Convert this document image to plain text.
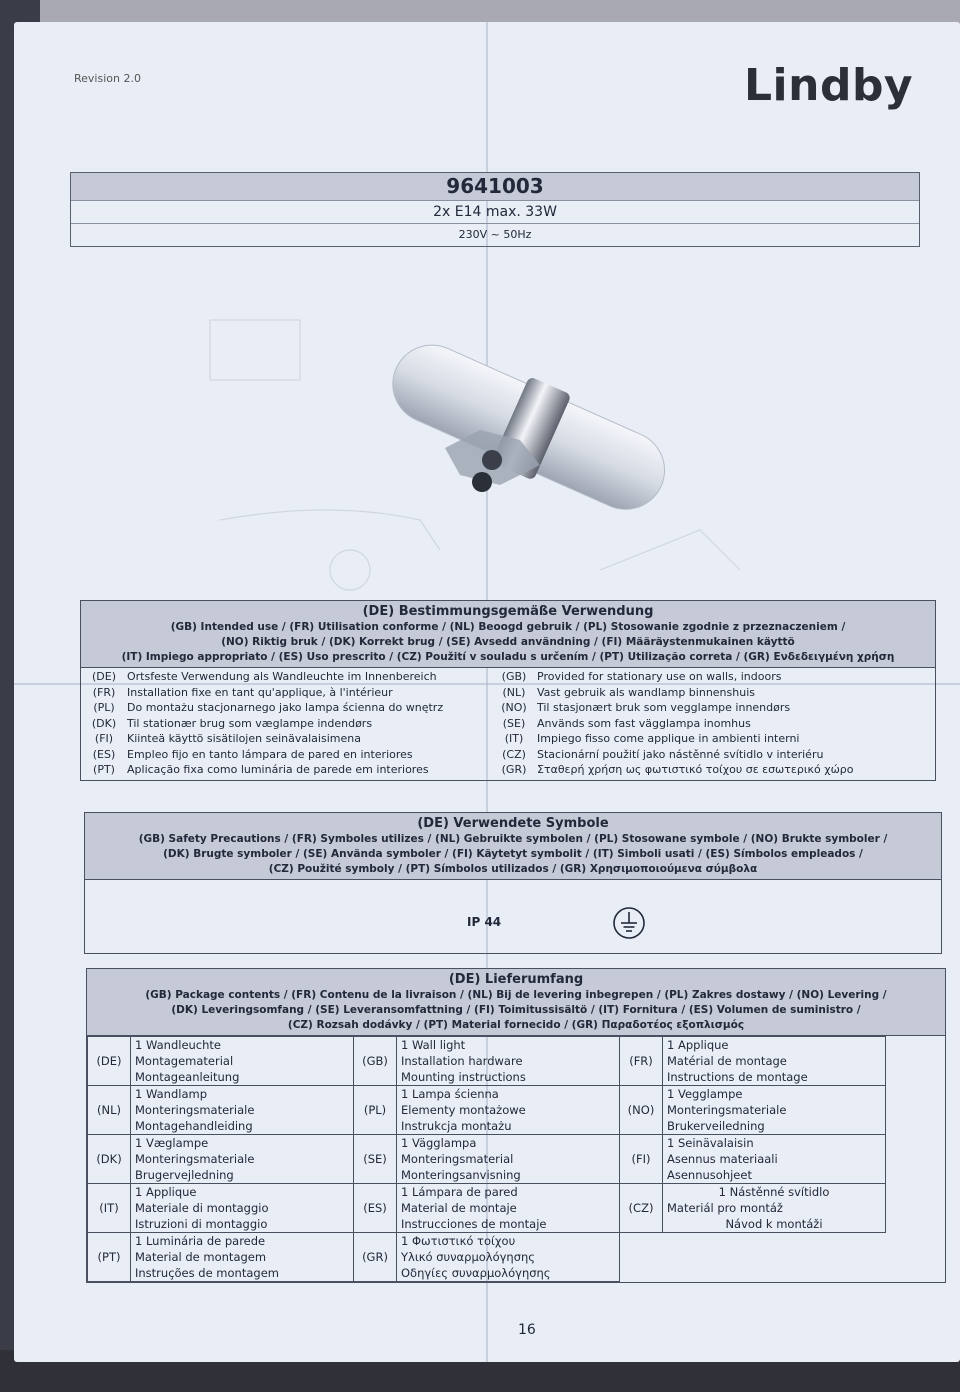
Revision 2.0	Lindby
9641003
2x E14 max. 33W
230V ~ 50Hz
(DE) Bestimmungsgemäße Verwendung
(GB) Intended use / (FR) Utilisation conforme / (NL) Beoogd gebruik / (PL) Stosowanie zgodnie z przeznaczeniem /
(NO) Riktig bruk / (DK) Korrekt brug / (SE) Avsedd användning / (FI) Määräystenmukainen käyttö
(IT) Impiego appropriato / (ES) Uso prescrito / (CZ) Použití v souladu s určením / (PT) Utilização correta / (GR) Ενδεδειγμένη χρήση
(DE)	Ortsfeste Verwendung als Wandleuchte im Innenbereich	(GB) Provided for stationary use on walls, indoors
(FR)	Installation fixe en tant qu'applique, à l'intérieur	(NL)	Vast gebruik als wandlamp binnenshuis
(PL)	Do montażu stacjonarnego jako lampa ścienna do wnętrz	(NO) Til stasjonært bruk som vegglampe innendørs
(DK) Til stationær brug som væglampe indendørs	(SE)	Används som fast vägglampa inomhus
(FI)	Kiinteä käyttö sisätilojen seinävalaisimena	(IT)	Impiego fisso come applique in ambienti interni
(ES)	Empleo fijo en tanto lámpara de pared en interiores	(CZ)	Stacionární použití jako nástěnné svítidlo v interiéru
(PT)	Aplicação fixa como luminária de parede em interiores	(GR) Σταθερή χρήση ως φωτιστικό τοίχου σε εσωτερικό χώρο
(DE) Verwendete Symbole
(GB) Safety Precautions / (FR) Symboles utilizes / (NL) Gebruikte symbolen / (PL) Stosowane symbole / (NO) Brukte symboler /
(DK) Brugte symboler / (SE) Använda symboler / (FI) Käytetyt symbolit / (IT) Simboli usati / (ES) Símbolos empleados /
(CZ) Použité symboly / (PT) Símbolos utilizados / (GR) Χρησιμοποιούμενα σύμβολα
IP 44
(DE) Lieferumfang
(GB) Package contents / (FR) Contenu de la livraison / (NL) Bij de levering inbegrepen / (PL) Zakres dostawy / (NO) Levering /
(DK) Leveringsomfang / (SE) Leveransomfattning / (FI) Toimitussisältö / (IT) Fornitura / (ES) Volumen de suministro /
(CZ) Rozsah dodávky / (PT) Material fornecido / (GR) Παραδοτέος εξοπλισμός
(DE)	1 Wandleuchte
Montagematerial
Montageanleitung	(GB)	1 Wall light
Installation hardware
Mounting instructions	(FR)	1 Applique
Matérial de montage
Instructions de montage

(NL)	1 Wandlamp
Monteringsmateriale
Montagehandleiding	(PL)	1 Lampa ścienna
Elementy montażowe
Instrukcja montażu	(NO)	1 Vegglampe
Monteringsmateriale
Brukerveiledning

(DK)	1 Væglampe
Monteringsmateriale
Brugervejledning	(SE)	1 Vägglampa
Monteringsmaterial
Monteringsanvisning	(FI)	1 Seinävalaisin
Asennus materiaali
Asennusohjeet

(IT)	1 Applique
Materiale di montaggio
Istruzioni di montaggio	(ES)	1 Lámpara de pared
Material de montaje
Instrucciones de montaje	(CZ)	1 Nástěnné svítidlo
Materiál pro montáž
Návod k montáži

(PT)	1 Luminária de parede
Material de montagem
Instruções de montagem	(GR)	1 Φωτιστικό τοίχου
Υλικό συναρμολόγησης
Οδηγίες συναρμολόγησης		

16
